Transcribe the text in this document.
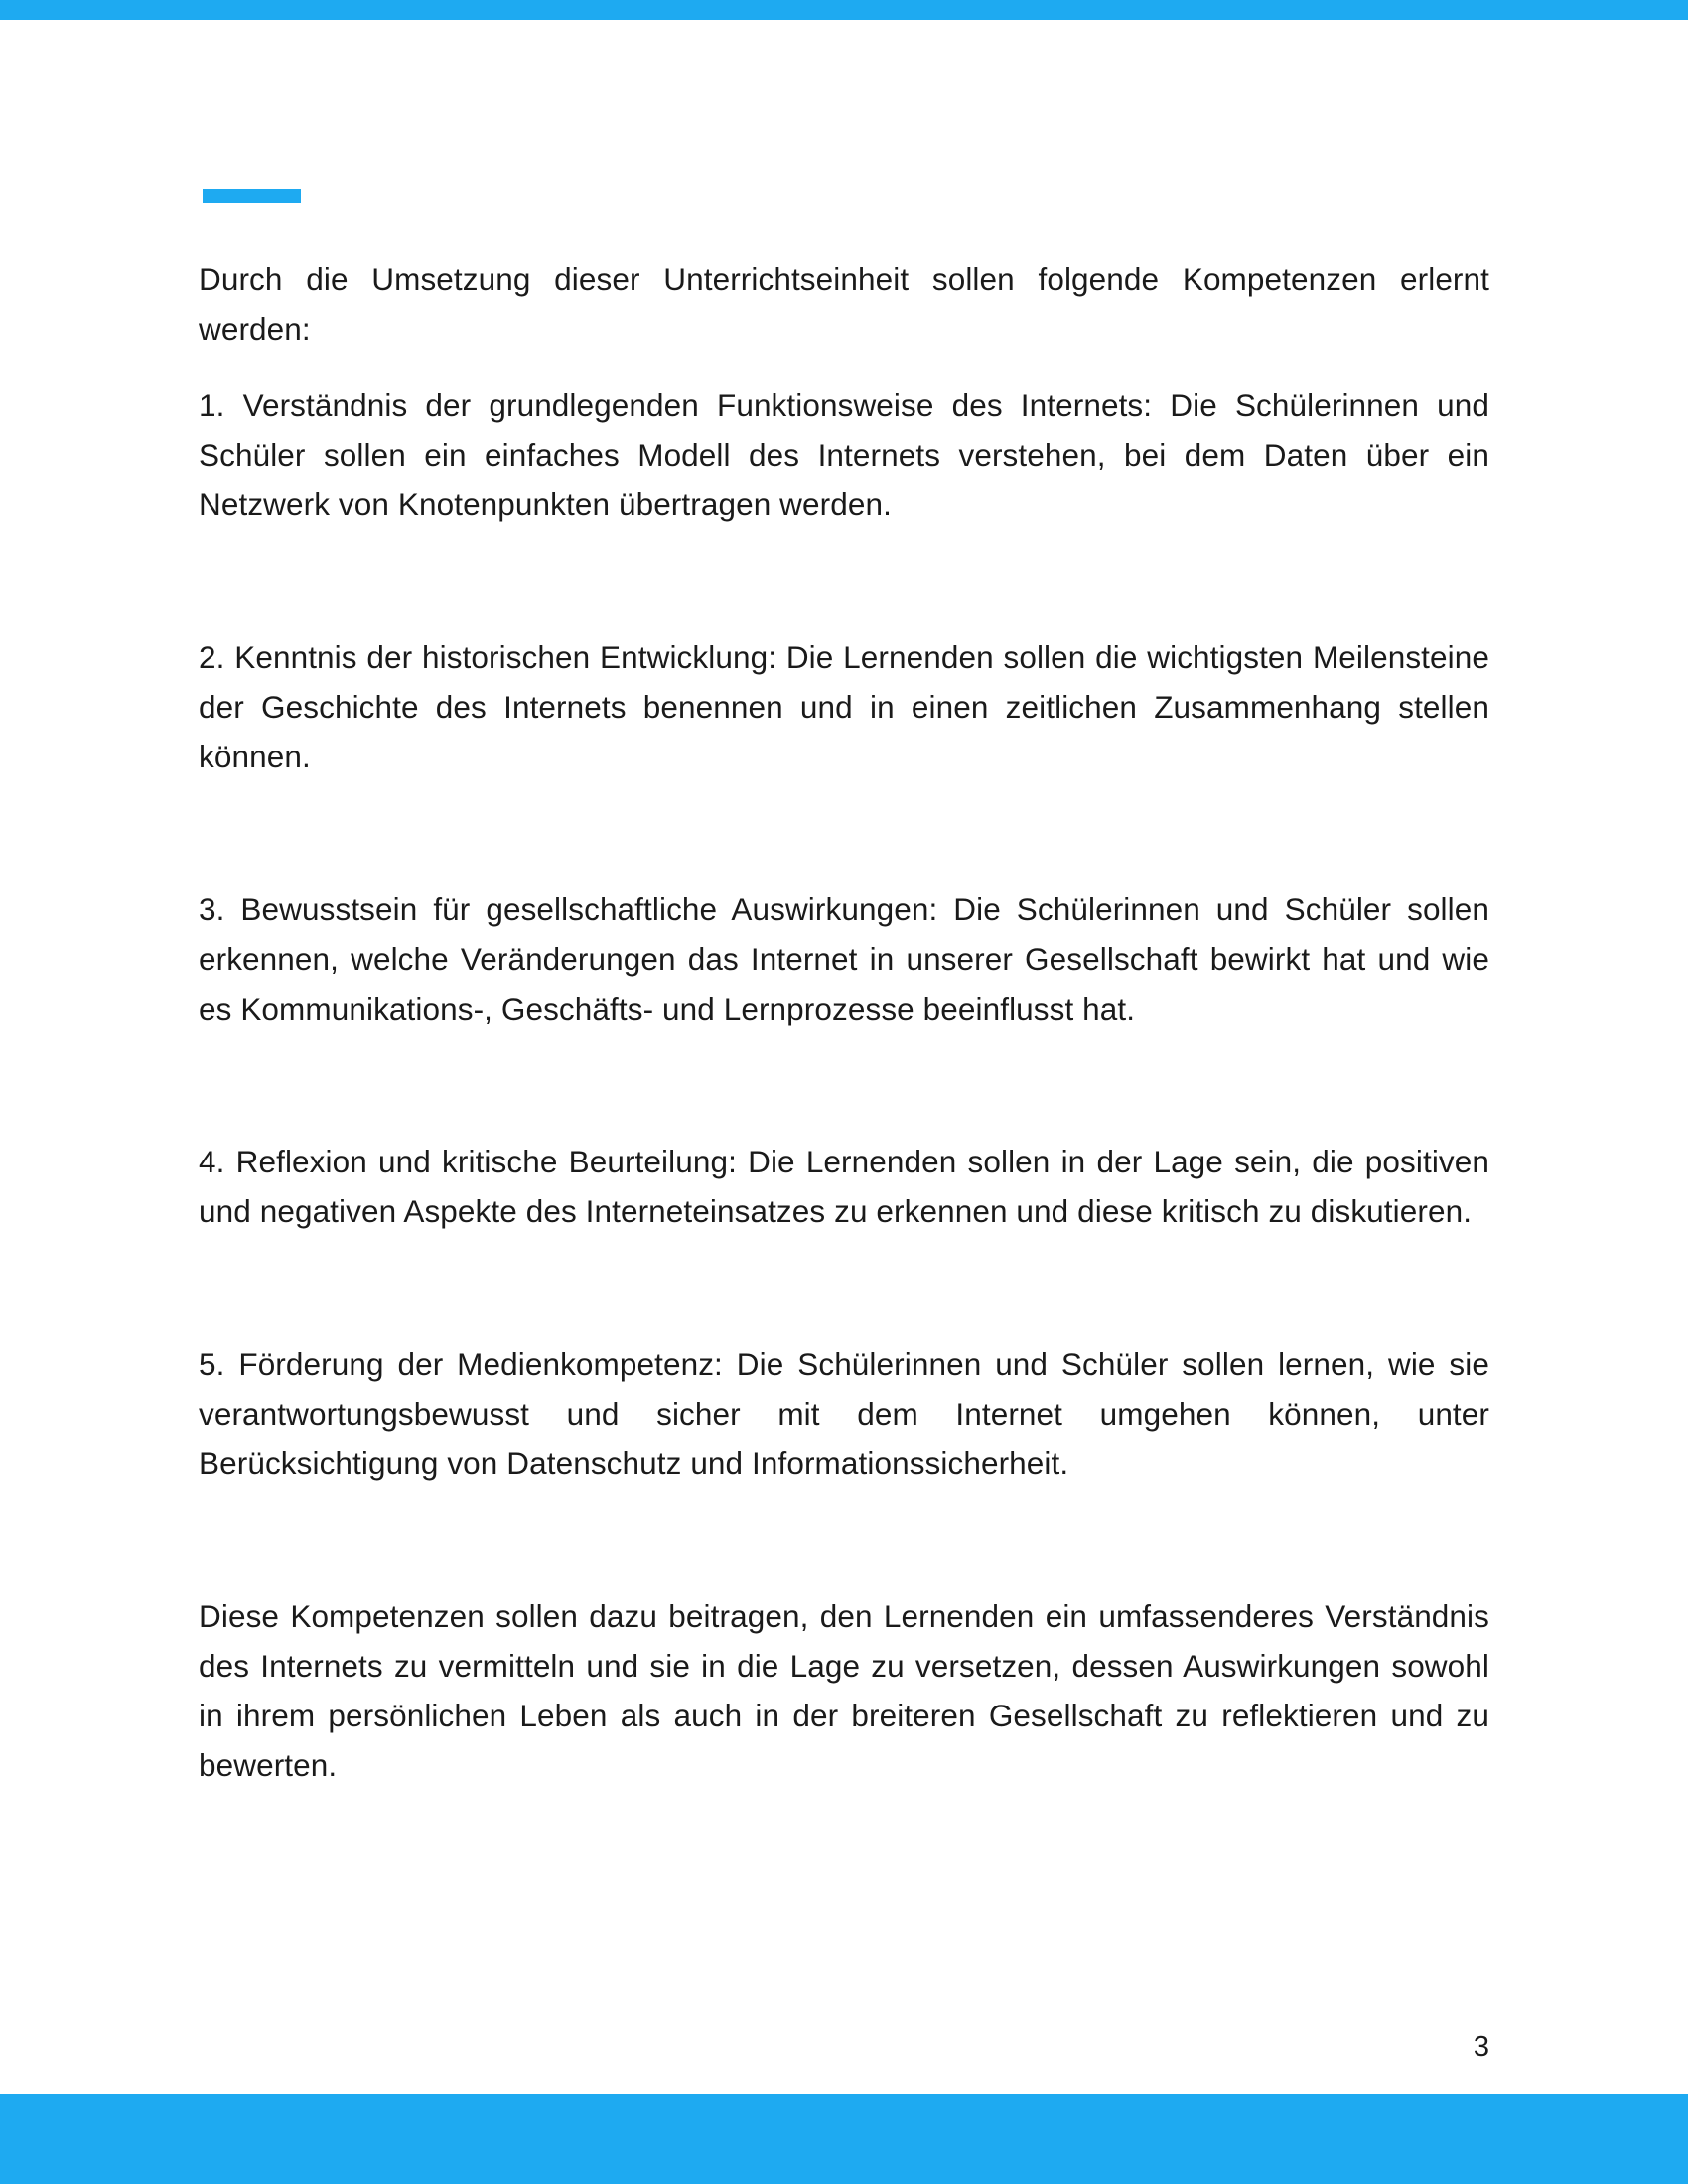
Durch die Umsetzung dieser Unterrichtseinheit sollen folgende Kompetenzen erlernt werden:

1. Verständnis der grundlegenden Funktionsweise des Internets: Die Schülerinnen und Schüler sollen ein einfaches Modell des Internets verstehen, bei dem Daten über ein Netzwerk von Knotenpunkten übertragen werden.

2. Kenntnis der historischen Entwicklung: Die Lernenden sollen die wichtigsten Meilensteine der Geschichte des Internets benennen und in einen zeitlichen Zusammenhang stellen können.

3. Bewusstsein für gesellschaftliche Auswirkungen: Die Schülerinnen und Schüler sollen erkennen, welche Veränderungen das Internet in unserer Gesellschaft bewirkt hat und wie es Kommunikations-, Geschäfts- und Lernprozesse beeinflusst hat.

4. Reflexion und kritische Beurteilung: Die Lernenden sollen in der Lage sein, die positiven und negativen Aspekte des Interneteinsatzes zu erkennen und diese kritisch zu diskutieren.

5. Förderung der Medienkompetenz: Die Schülerinnen und Schüler sollen lernen, wie sie verantwortungsbewusst und sicher mit dem Internet umgehen können, unter Berücksichtigung von Datenschutz und Informationssicherheit.

Diese Kompetenzen sollen dazu beitragen, den Lernenden ein umfassenderes Verständnis des Internets zu vermitteln und sie in die Lage zu versetzen, dessen Auswirkungen sowohl in ihrem persönlichen Leben als auch in der breiteren Gesellschaft zu reflektieren und zu bewerten.

3
